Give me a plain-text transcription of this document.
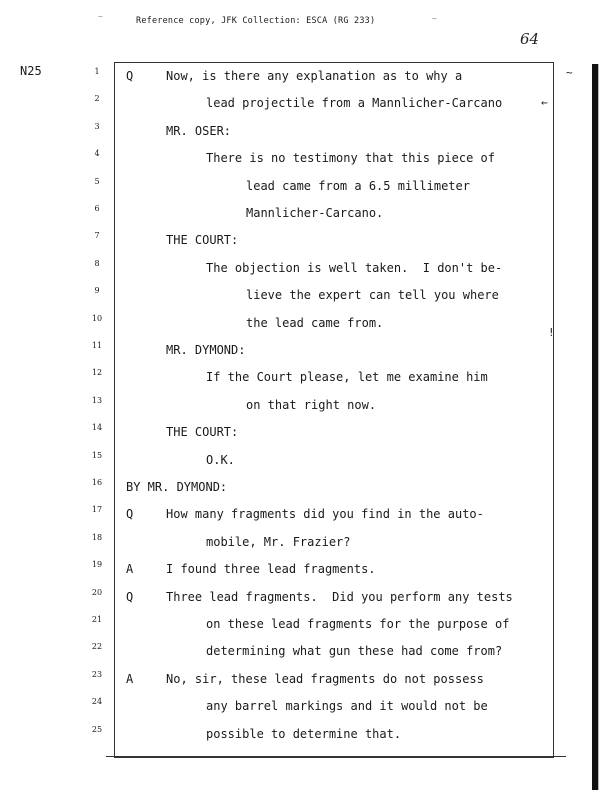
Reference copy, JFK Collection: ESCA (RG 233)
~	~
64
N25	~
←
!
1	Q	Now, is there any explanation as to why a
2	lead projectile from a Mannlicher-Carcano
3	MR. OSER:
4	There is no testimony that this piece of
5	lead came from a 6.5 millimeter
6	Mannlicher-Carcano.
7	THE COURT:
8	The objection is well taken.  I don't be-
9	lieve the expert can tell you where
10	the lead came from.
11	MR. DYMOND:
12	If the Court please, let me examine him
13	on that right now.
14	THE COURT:
15	O.K.
16	BY MR. DYMOND:
17	Q	How many fragments did you find in the auto-
18	mobile, Mr. Frazier?
19	A	I found three lead fragments.
20	Q	Three lead fragments.  Did you perform any tests
21	on these lead fragments for the purpose of
22	determining what gun these had come from?
23	A	No, sir, these lead fragments do not possess
24	any barrel markings and it would not be
25	possible to determine that.
